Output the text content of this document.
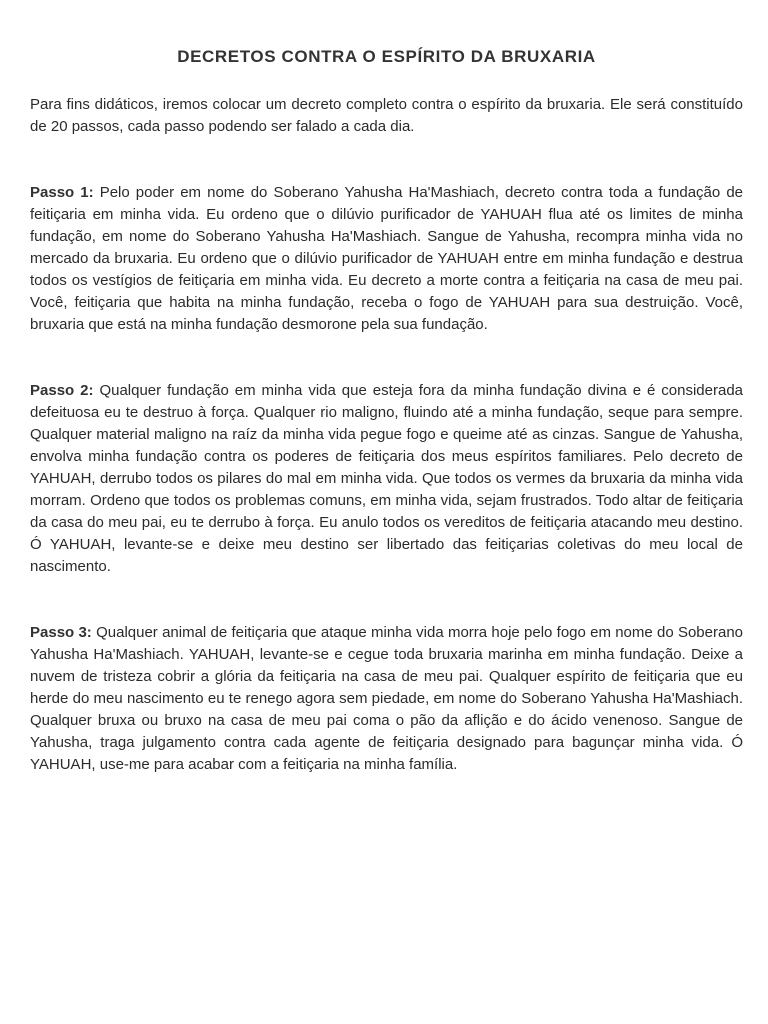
DECRETOS CONTRA O ESPÍRITO DA BRUXARIA

Para fins didáticos, iremos colocar um decreto completo contra o espírito da bruxaria. Ele será constituído de 20 passos, cada passo podendo ser falado a cada dia.

Passo 1: Pelo poder em nome do Soberano Yahusha Ha'Mashiach, decreto contra toda a fundação de feitiçaria em minha vida. Eu ordeno que o dilúvio purificador de YAHUAH flua até os limites de minha fundação, em nome do Soberano Yahusha Ha'Mashiach. Sangue de Yahusha, recompra minha vida no mercado da bruxaria. Eu ordeno que o dilúvio purificador de YAHUAH entre em minha fundação e destrua todos os vestígios de feitiçaria em minha vida. Eu decreto a morte contra a feitiçaria na casa de meu pai. Você, feitiçaria que habita na minha fundação, receba o fogo de YAHUAH para sua destruição. Você, bruxaria que está na minha fundação desmorone pela sua fundação.

Passo 2: Qualquer fundação em minha vida que esteja fora da minha fundação divina e é considerada defeituosa eu te destruo à força. Qualquer rio maligno, fluindo até a minha fundação, seque para sempre. Qualquer material maligno na raíz da minha vida pegue fogo e queime até as cinzas. Sangue de Yahusha, envolva minha fundação contra os poderes de feitiçaria dos meus espíritos familiares. Pelo decreto de YAHUAH, derrubo todos os pilares do mal em minha vida. Que todos os vermes da bruxaria da minha vida morram. Ordeno que todos os problemas comuns, em minha vida, sejam frustrados. Todo altar de feitiçaria da casa do meu pai, eu te derrubo à força. Eu anulo todos os vereditos de feitiçaria atacando meu destino. Ó YAHUAH, levante-se e deixe meu destino ser libertado das feitiçarias coletivas do meu local de nascimento.

Passo 3: Qualquer animal de feitiçaria que ataque minha vida morra hoje pelo fogo em nome do Soberano Yahusha Ha'Mashiach. YAHUAH, levante-se e cegue toda bruxaria marinha em minha fundação. Deixe a nuvem de tristeza cobrir a glória da feitiçaria na casa de meu pai. Qualquer espírito de feitiçaria que eu herde do meu nascimento eu te renego agora sem piedade, em nome do Soberano Yahusha Ha'Mashiach. Qualquer bruxa ou bruxo na casa de meu pai coma o pão da aflição e do ácido venenoso. Sangue de Yahusha, traga julgamento contra cada agente de feitiçaria designado para bagunçar minha vida. Ó YAHUAH, use-me para acabar com a feitiçaria na minha família.
